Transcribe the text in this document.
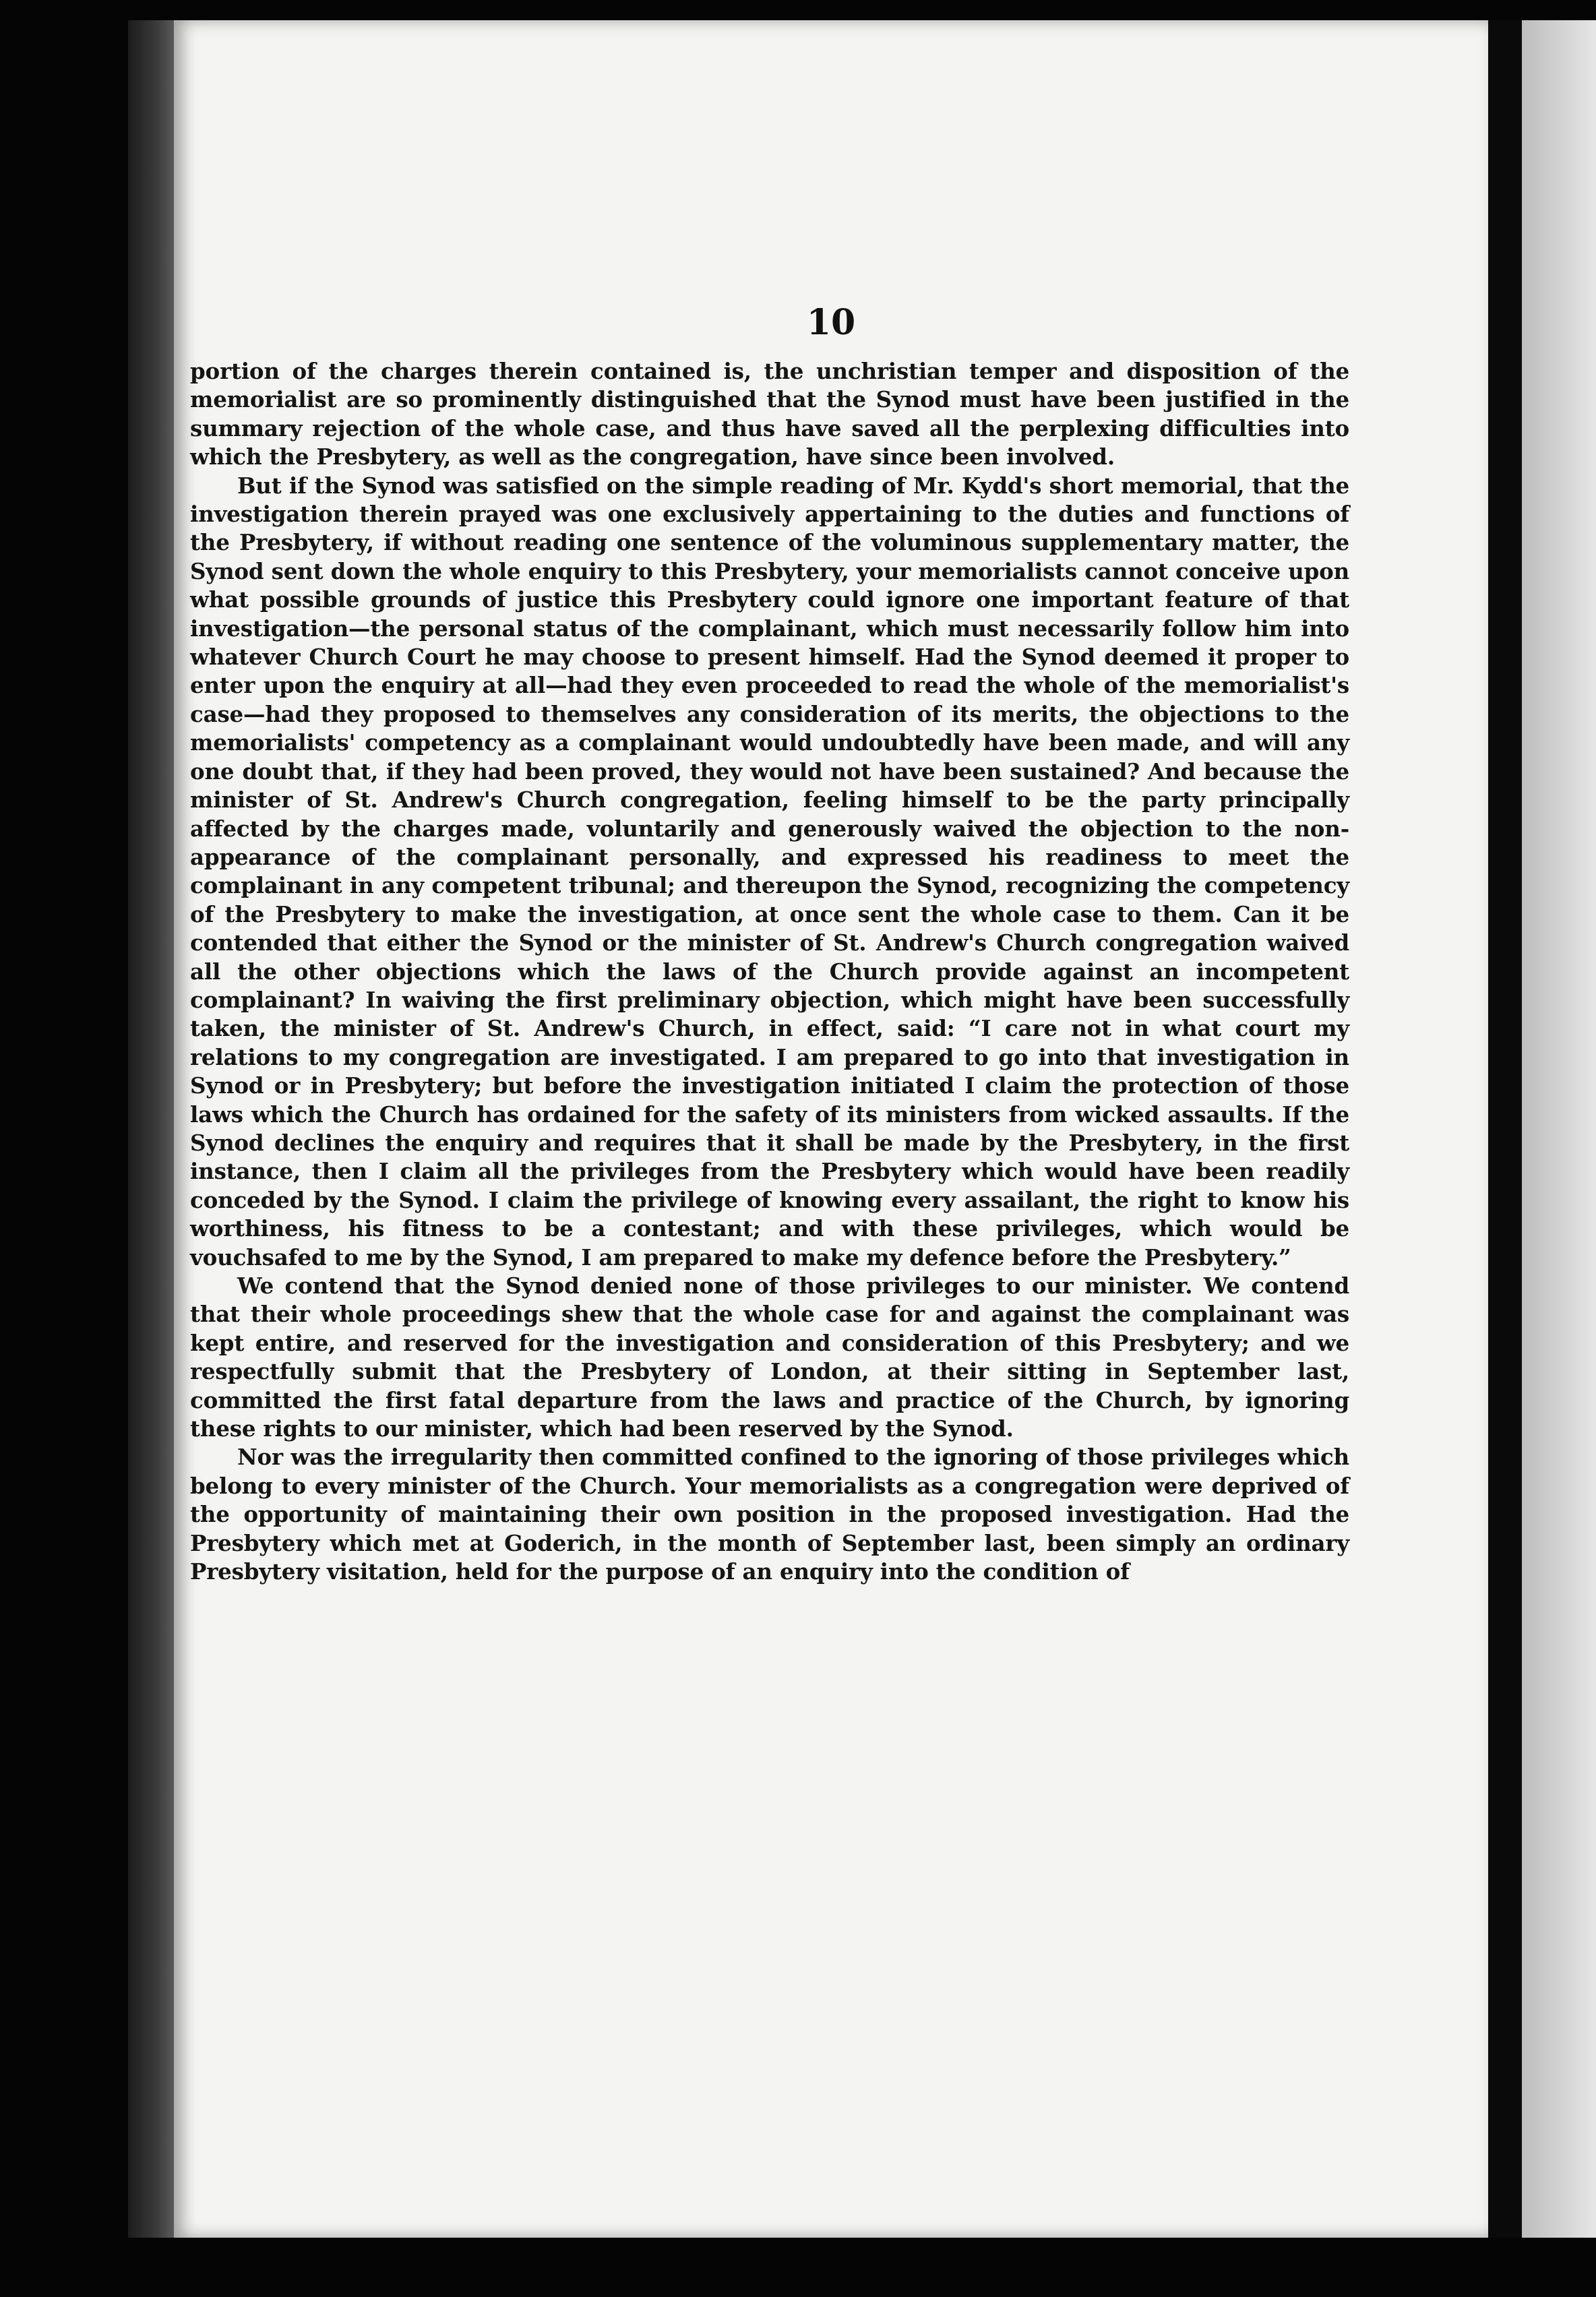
10

portion of the charges therein contained is, the unchristian temper and disposition of the memorialist are so prominently distinguished that the Synod must have been justified in the summary rejection of the whole case, and thus have saved all the perplexing difficulties into which the Presbytery, as well as the congregation, have since been involved.

But if the Synod was satisfied on the simple reading of Mr. Kydd's short memorial, that the investigation therein prayed was one exclusively appertaining to the duties and functions of the Presbytery, if without reading one sentence of the voluminous supplementary matter, the Synod sent down the whole enquiry to this Presbytery, your memorialists cannot conceive upon what possible grounds of justice this Presbytery could ignore one important feature of that investigation—the personal status of the complainant, which must necessarily follow him into whatever Church Court he may choose to present himself. Had the Synod deemed it proper to enter upon the enquiry at all—had they even proceeded to read the whole of the memorialist's case—had they proposed to themselves any consideration of its merits, the objections to the memorialists' competency as a complainant would undoubtedly have been made, and will any one doubt that, if they had been proved, they would not have been sustained? And because the minister of St. Andrew's Church congregation, feeling himself to be the party principally affected by the charges made, voluntarily and generously waived the objection to the non-appearance of the complainant personally, and expressed his readiness to meet the complainant in any competent tribunal; and thereupon the Synod, recognizing the competency of the Presbytery to make the investigation, at once sent the whole case to them. Can it be contended that either the Synod or the minister of St. Andrew's Church congregation waived all the other objections which the laws of the Church provide against an incompetent complainant? In waiving the first preliminary objection, which might have been successfully taken, the minister of St. Andrew's Church, in effect, said: “I care not in what court my relations to my congregation are investigated. I am prepared to go into that investigation in Synod or in Presbytery; but before the investigation initiated I claim the protection of those laws which the Church has ordained for the safety of its ministers from wicked assaults. If the Synod declines the enquiry and requires that it shall be made by the Presbytery, in the first instance, then I claim all the privileges from the Presbytery which would have been readily conceded by the Synod. I claim the privilege of knowing every assailant, the right to know his worthiness, his fitness to be a contestant; and with these privileges, which would be vouchsafed to me by the Synod, I am prepared to make my defence before the Presbytery.”

We contend that the Synod denied none of those privileges to our minister. We contend that their whole proceedings shew that the whole case for and against the complainant was kept entire, and reserved for the investigation and consideration of this Presbytery; and we respectfully submit that the Presbytery of London, at their sitting in September last, committed the first fatal departure from the laws and practice of the Church, by ignoring these rights to our minister, which had been reserved by the Synod.

Nor was the irregularity then committed confined to the ignoring of those privileges which belong to every minister of the Church. Your memorialists as a congregation were deprived of the opportunity of maintaining their own position in the proposed investigation. Had the Presbytery which met at Goderich, in the month of September last, been simply an ordinary Presbytery visitation, held for the purpose of an enquiry into the condition of
